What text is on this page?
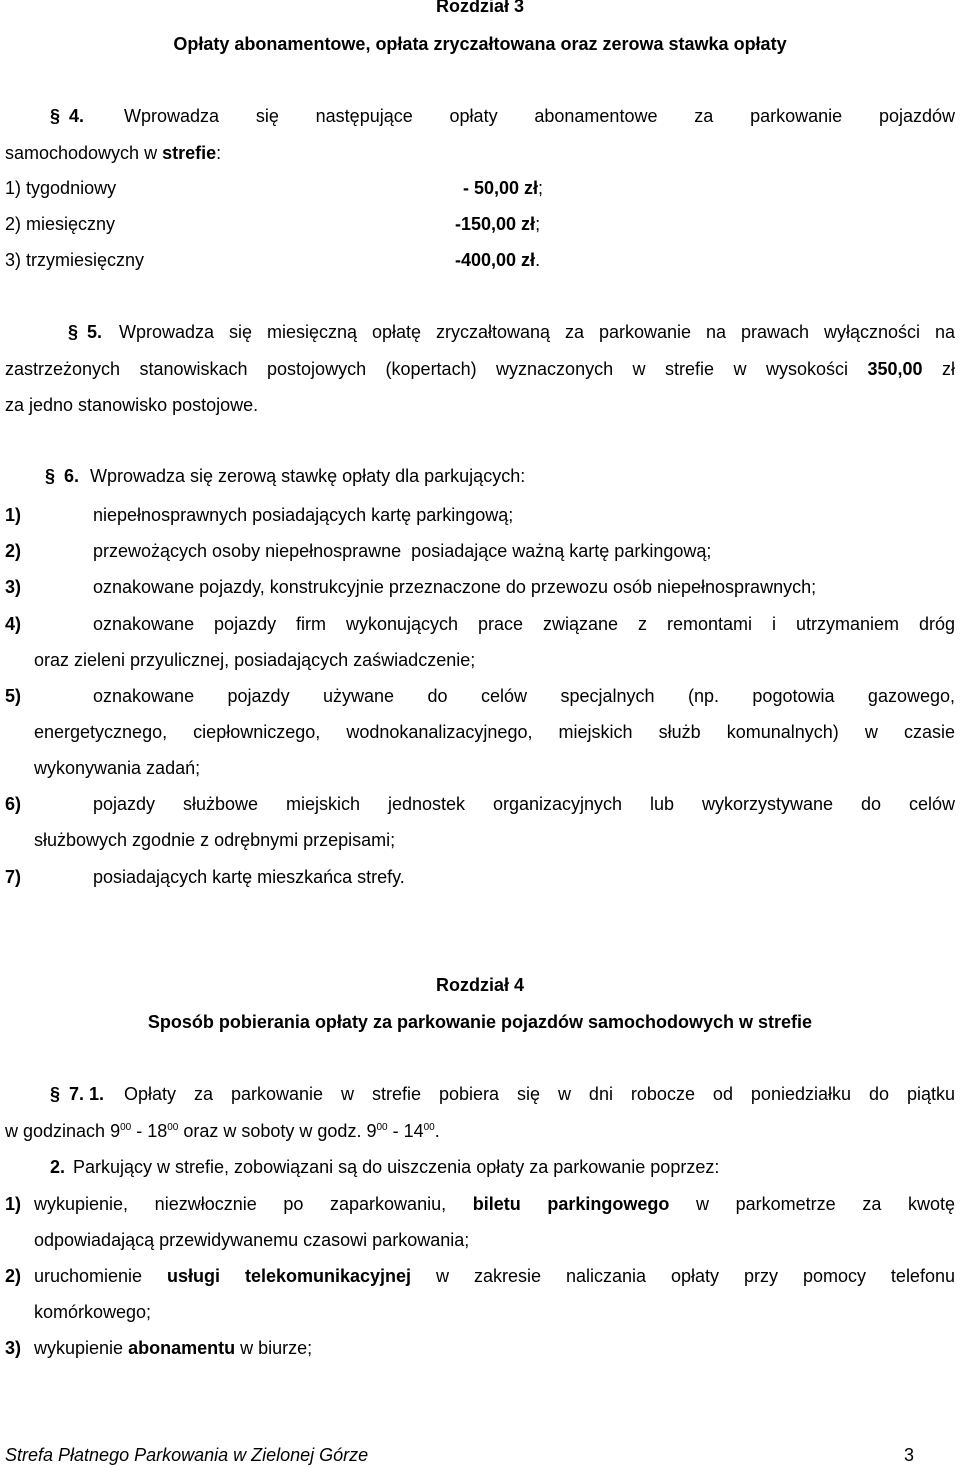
Rozdział 3
Opłaty abonamentowe, opłata zryczałtowana oraz zerowa stawka opłaty
§ 4. Wprowadza się następujące opłaty abonamentowe za parkowanie pojazdów
samochodowych w strefie:
1) tygodniowy	- 50,00 zł;
2) miesięczny	-150,00 zł;
3) trzymiesięczny	-400,00 zł.
§ 5. Wprowadza się miesięczną opłatę zryczałtowaną za parkowanie na prawach wyłączności na
zastrzeżonych stanowiskach postojowych (kopertach) wyznaczonych w strefie w wysokości 350,00 zł
za jedno stanowisko postojowe.
§ 6. Wprowadza się zerową stawkę opłaty dla parkujących:
1)	niepełnosprawnych posiadających kartę parkingową;
2)	przewożących osoby niepełnosprawne  posiadające ważną kartę parkingową;
3)	oznakowane pojazdy, konstrukcyjnie przeznaczone do przewozu osób niepełnosprawnych;
4)	oznakowane pojazdy firm wykonujących prace związane z remontami i utrzymaniem dróg
oraz zieleni przyulicznej, posiadających zaświadczenie;
5)	oznakowane pojazdy używane do celów specjalnych (np. pogotowia gazowego,
energetycznego, ciepłowniczego, wodnokanalizacyjnego, miejskich służb komunalnych) w czasie
wykonywania zadań;
6)	pojazdy służbowe miejskich jednostek organizacyjnych lub wykorzystywane do celów
służbowych zgodnie z odrębnymi przepisami;
7)	posiadających kartę mieszkańca strefy.
Rozdział 4
Sposób pobierania opłaty za parkowanie pojazdów samochodowych w strefie
§ 7. 1. Opłaty za parkowanie w strefie pobiera się w dni robocze od poniedziałku do piątku
w godzinach $9^{00} - 18^{00}$ oraz w soboty w godz. $9^{00} - 14^{00}$.
2. Parkujący w strefie, zobowiązani są do uiszczenia opłaty za parkowanie poprzez:
1) wykupienie, niezwłocznie po zaparkowaniu, biletu parkingowego w parkometrze za kwotę
odpowiadającą przewidywanemu czasowi parkowania;
2) uruchomienie usługi telekomunikacyjnej w zakresie naliczania opłaty przy pomocy telefonu
komórkowego;
3) wykupienie abonamentu w biurze;
Strefa Płatnego Parkowania w Zielonej Górze	3
